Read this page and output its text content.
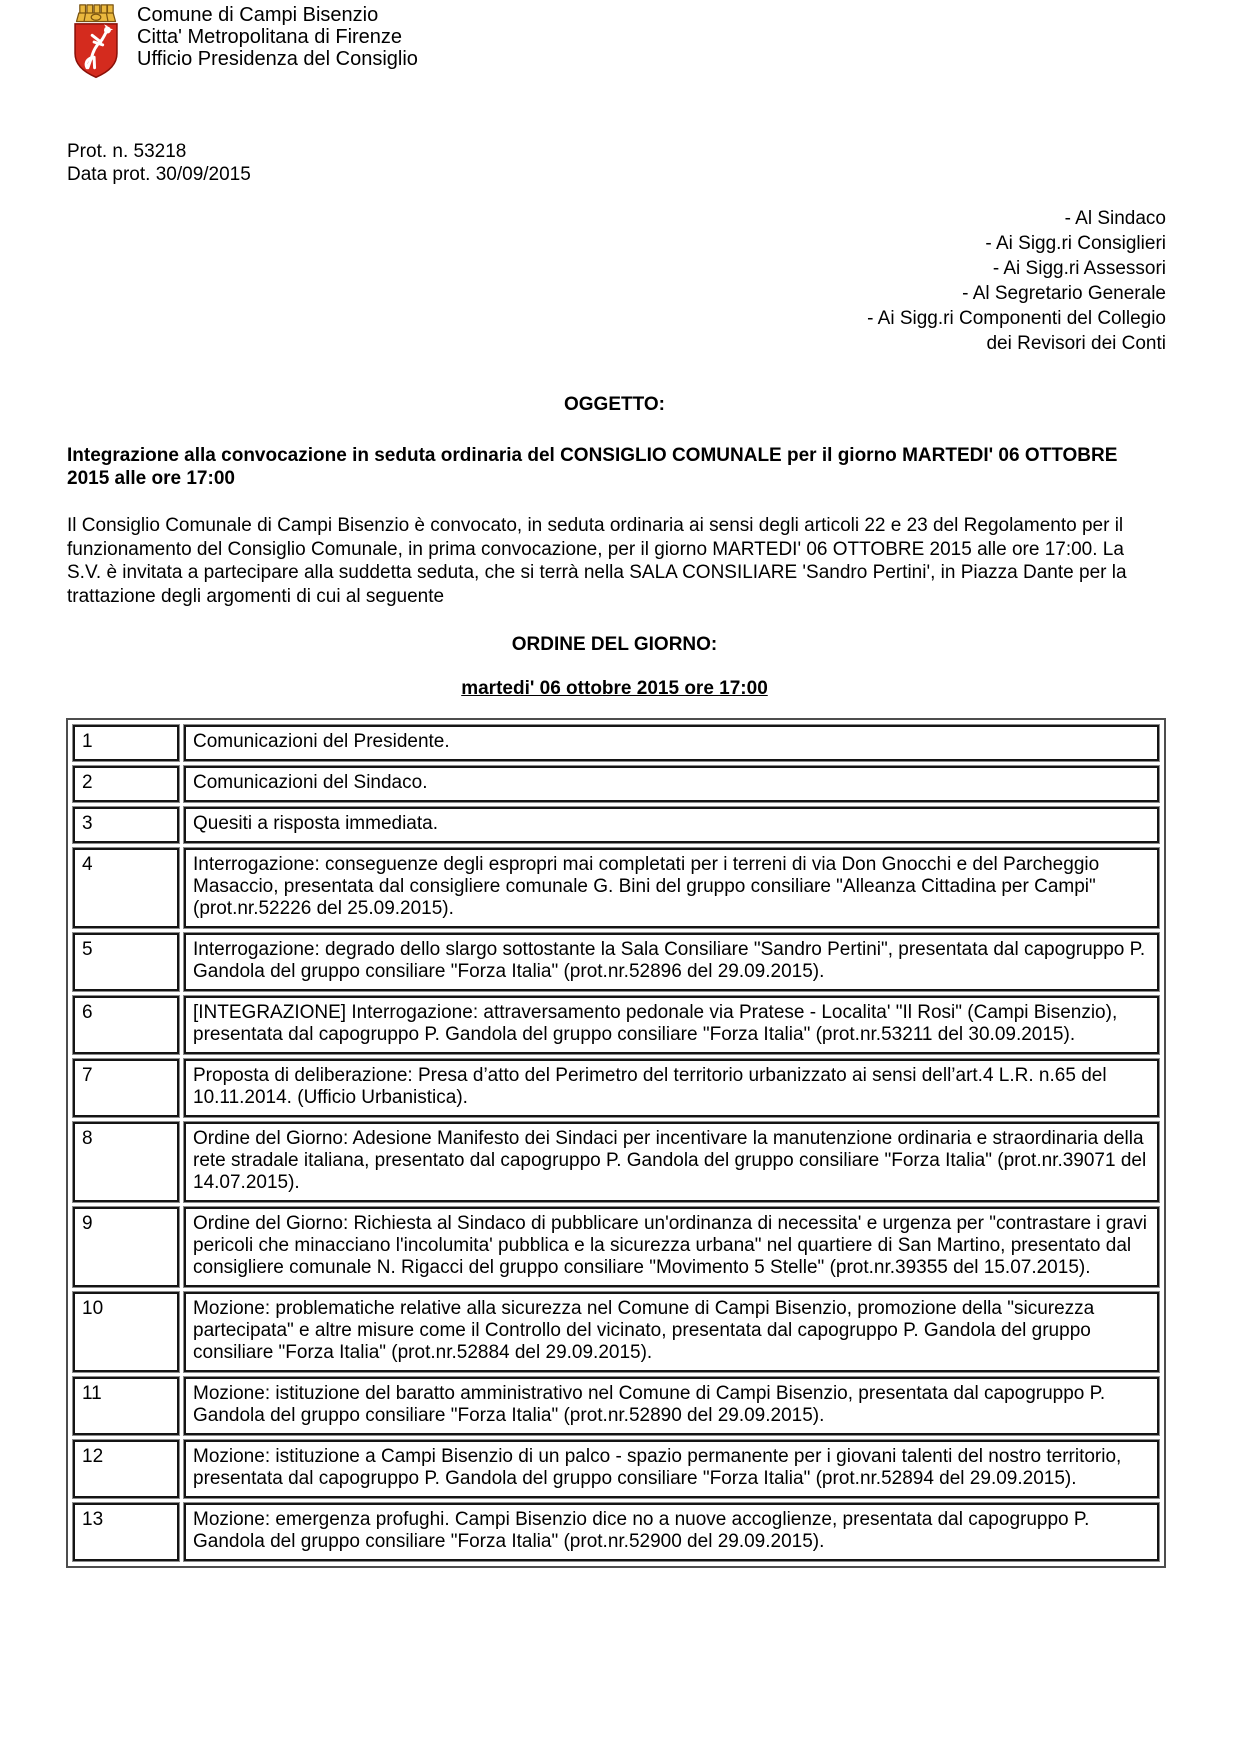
Comune di Campi Bisenzio
Citta' Metropolitana di Firenze
Ufficio Presidenza del Consiglio
Prot. n. 53218
Data prot. 30/09/2015
- Al Sindaco
- Ai Sigg.ri Consiglieri
- Ai Sigg.ri Assessori
- Al Segretario Generale
- Ai Sigg.ri Componenti del Collegio
dei Revisori dei Conti
OGGETTO:

Integrazione alla convocazione in seduta ordinaria del CONSIGLIO COMUNALE per il giorno MARTEDI' 06 OTTOBRE 2015 alle ore 17:00

Il Consiglio Comunale di Campi Bisenzio è convocato, in seduta ordinaria ai sensi degli articoli 22 e 23 del Regolamento per il funzionamento del Consiglio Comunale, in prima convocazione, per il giorno MARTEDI' 06 OTTOBRE 2015 alle ore 17:00. La S.V. è invitata a partecipare alla suddetta seduta, che si terrà nella SALA CONSILIARE 'Sandro Pertini', in Piazza Dante per la trattazione degli argomenti di cui al seguente

ORDINE DEL GIORNO:
martedi' 06 ottobre 2015 ore 17:00
1	Comunicazioni del Presidente.
2	Comunicazioni del Sindaco.
3	Quesiti a risposta immediata.
4	Interrogazione: conseguenze degli espropri mai completati per i terreni di via Don Gnocchi e del Parcheggio Masaccio, presentata dal consigliere comunale G. Bini del gruppo consiliare "Alleanza Cittadina per Campi" (prot.nr.52226 del 25.09.2015).
5	Interrogazione: degrado dello slargo sottostante la Sala Consiliare "Sandro Pertini", presentata dal capogruppo P. Gandola del gruppo consiliare "Forza Italia" (prot.nr.52896 del 29.09.2015).
6	[INTEGRAZIONE] Interrogazione: attraversamento pedonale via Pratese - Localita' "Il Rosi" (Campi Bisenzio), presentata dal capogruppo P. Gandola del gruppo consiliare "Forza Italia" (prot.nr.53211 del 30.09.2015).
7	Proposta di deliberazione: Presa d’atto del Perimetro del territorio urbanizzato ai sensi dell’art.4 L.R. n.65 del 10.11.2014. (Ufficio Urbanistica).
8	Ordine del Giorno: Adesione Manifesto dei Sindaci per incentivare la manutenzione ordinaria e straordinaria della rete stradale italiana, presentato dal capogruppo P. Gandola del gruppo consiliare "Forza Italia" (prot.nr.39071 del 14.07.2015).
9	Ordine del Giorno: Richiesta al Sindaco di pubblicare un'ordinanza di necessita' e urgenza per "contrastare i gravi pericoli che minacciano l'incolumita' pubblica e la sicurezza urbana" nel quartiere di San Martino, presentato dal consigliere comunale N. Rigacci del gruppo consiliare "Movimento 5 Stelle" (prot.nr.39355 del 15.07.2015).
10	Mozione: problematiche relative alla sicurezza nel Comune di Campi Bisenzio, promozione della "sicurezza partecipata" e altre misure come il Controllo del vicinato, presentata dal capogruppo P. Gandola del gruppo consiliare "Forza Italia" (prot.nr.52884 del 29.09.2015).
11	Mozione: istituzione del baratto amministrativo nel Comune di Campi Bisenzio, presentata dal capogruppo P. Gandola del gruppo consiliare "Forza Italia" (prot.nr.52890 del 29.09.2015).
12	Mozione: istituzione a Campi Bisenzio di un palco - spazio permanente per i giovani talenti del nostro territorio, presentata dal capogruppo P. Gandola del gruppo consiliare "Forza Italia" (prot.nr.52894 del 29.09.2015).
13	Mozione: emergenza profughi. Campi Bisenzio dice no a nuove accoglienze, presentata dal capogruppo P. Gandola del gruppo consiliare "Forza Italia" (prot.nr.52900 del 29.09.2015).
